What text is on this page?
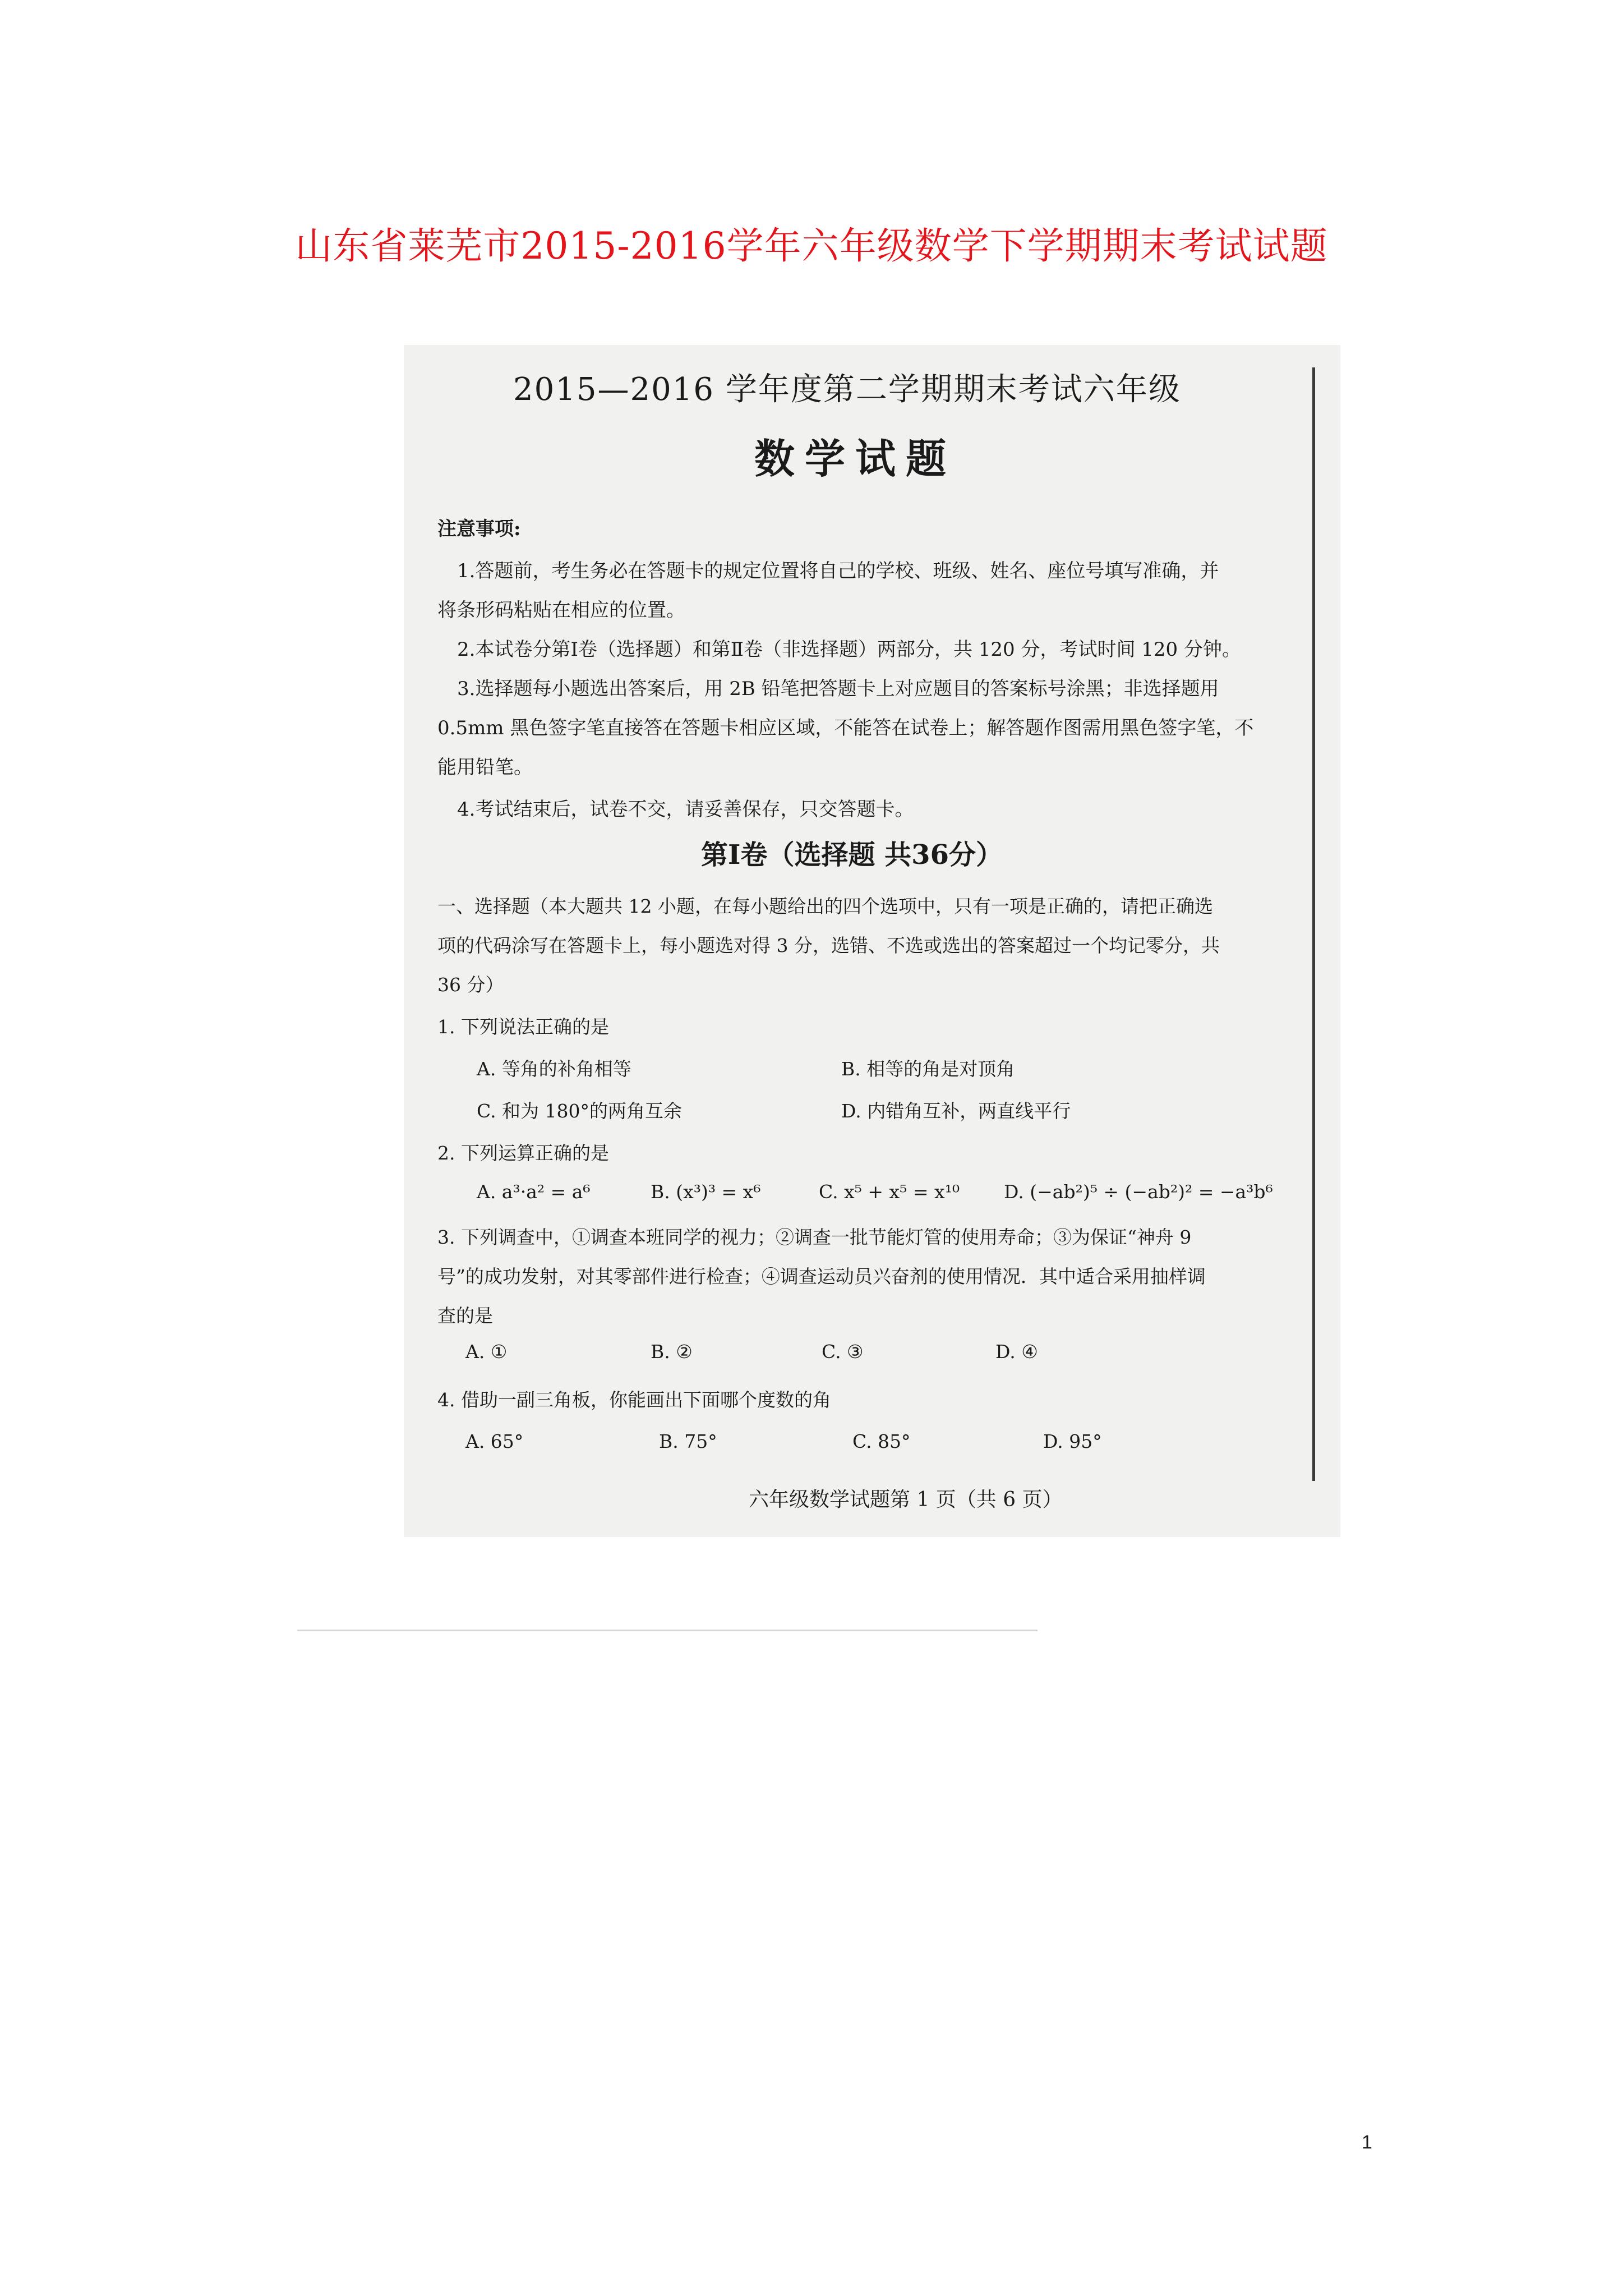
山东省莱芜市2015-2016学年六年级数学下学期期末考试试题
2015—2016 学年度第二学期期末考试六年级
数学试题
注意事项:
1.答题前，考生务必在答题卡的规定位置将自己的学校、班级、姓名、座位号填写准确，并
将条形码粘贴在相应的位置。
2.本试卷分第Ⅰ卷（选择题）和第Ⅱ卷（非选择题）两部分，共 120 分，考试时间 120 分钟。
3.选择题每小题选出答案后，用 2B 铅笔把答题卡上对应题目的答案标号涂黑；非选择题用
0.5mm 黑色签字笔直接答在答题卡相应区域，不能答在试卷上；解答题作图需用黑色签字笔，不
能用铅笔。
4.考试结束后，试卷不交，请妥善保存，只交答题卡。
第Ⅰ卷（选择题 共36分）
一、选择题（本大题共 12 小题，在每小题给出的四个选项中，只有一项是正确的，请把正确选
项的代码涂写在答题卡上，每小题选对得 3 分，选错、不选或选出的答案超过一个均记零分，共
36 分）
1. 下列说法正确的是
A. 等角的补角相等	B. 相等的角是对顶角
C. 和为 180°的两角互余	D. 内错角互补，两直线平行
2. 下列运算正确的是
A. a³·a² = a⁶	B. (x³)³ = x⁶	C. x⁵ + x⁵ = x¹⁰ D. (−ab²)⁵ ÷ (−ab²)² = −a³b⁶
3. 下列调查中，①调查本班同学的视力；②调查一批节能灯管的使用寿命；③为保证“神舟 9
号”的成功发射，对其零部件进行检查；④调查运动员兴奋剂的使用情况．其中适合采用抽样调
查的是
A. ①	B. ②	C. ③	D. ④
4. 借助一副三角板，你能画出下面哪个度数的角
A. 65°	B. 75°	C. 85°	D. 95°
六年级数学试题第 1 页（共 6 页）
1
